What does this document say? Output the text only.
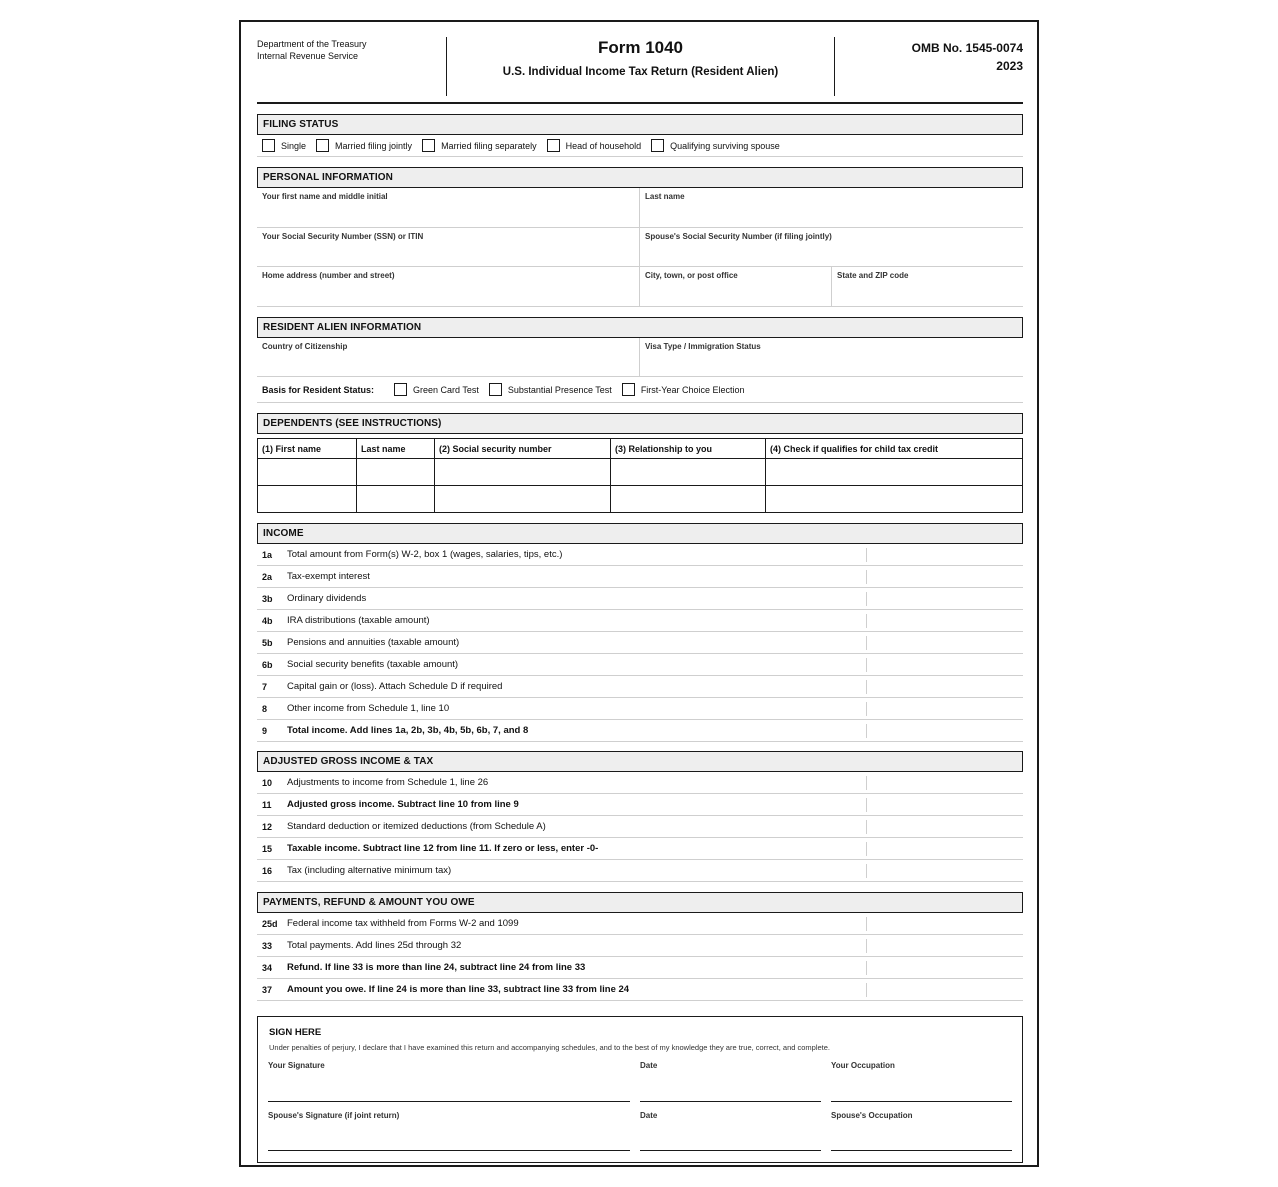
Department of the Treasury
Internal Revenue Service	Form 1040
U.S. Individual Income Tax Return (Resident Alien)
OMB No. 1545-0074
2023
FILING STATUS
Single	Married filing jointly	Married filing separately	Head of household	Qualifying surviving spouse
PERSONAL INFORMATION
Your first name and middle initial	Last name
Your Social Security Number (SSN) or ITIN	Spouse's Social Security Number (if filing jointly)
Home address (number and street)	City, town, or post office	State and ZIP code
RESIDENT ALIEN INFORMATION
Country of Citizenship	Visa Type / Immigration Status
Basis for Resident Status:	Green Card Test	Substantial Presence Test	First-Year Choice Election
DEPENDENTS (SEE INSTRUCTIONS)
(1) First name	Last name	(2) Social security number	(3) Relationship to you	(4) Check if qualifies for child tax credit

INCOME
1a	Total amount from Form(s) W-2, box 1 (wages, salaries, tips, etc.)
2a	Tax-exempt interest
3b	Ordinary dividends
4b	IRA distributions (taxable amount)
5b	Pensions and annuities (taxable amount)
6b	Social security benefits (taxable amount)
7	Capital gain or (loss). Attach Schedule D if required
8	Other income from Schedule 1, line 10
9	Total income. Add lines 1a, 2b, 3b, 4b, 5b, 6b, 7, and 8
ADJUSTED GROSS INCOME & TAX
10	Adjustments to income from Schedule 1, line 26
11	Adjusted gross income. Subtract line 10 from line 9
12	Standard deduction or itemized deductions (from Schedule A)
15	Taxable income. Subtract line 12 from line 11. If zero or less, enter -0-
16	Tax (including alternative minimum tax)
PAYMENTS, REFUND & AMOUNT YOU OWE
25d Federal income tax withheld from Forms W-2 and 1099
33	Total payments. Add lines 25d through 32
34	Refund. If line 33 is more than line 24, subtract line 24 from line 33
37	Amount you owe. If line 24 is more than line 33, subtract line 33 from line 24
SIGN HERE
Under penalties of perjury, I declare that I have examined this return and accompanying schedules, and to the best of my knowledge they are true, correct, and complete.
Your Signature	Date	Your Occupation
Spouse's Signature (if joint return)	Date	Spouse's Occupation
